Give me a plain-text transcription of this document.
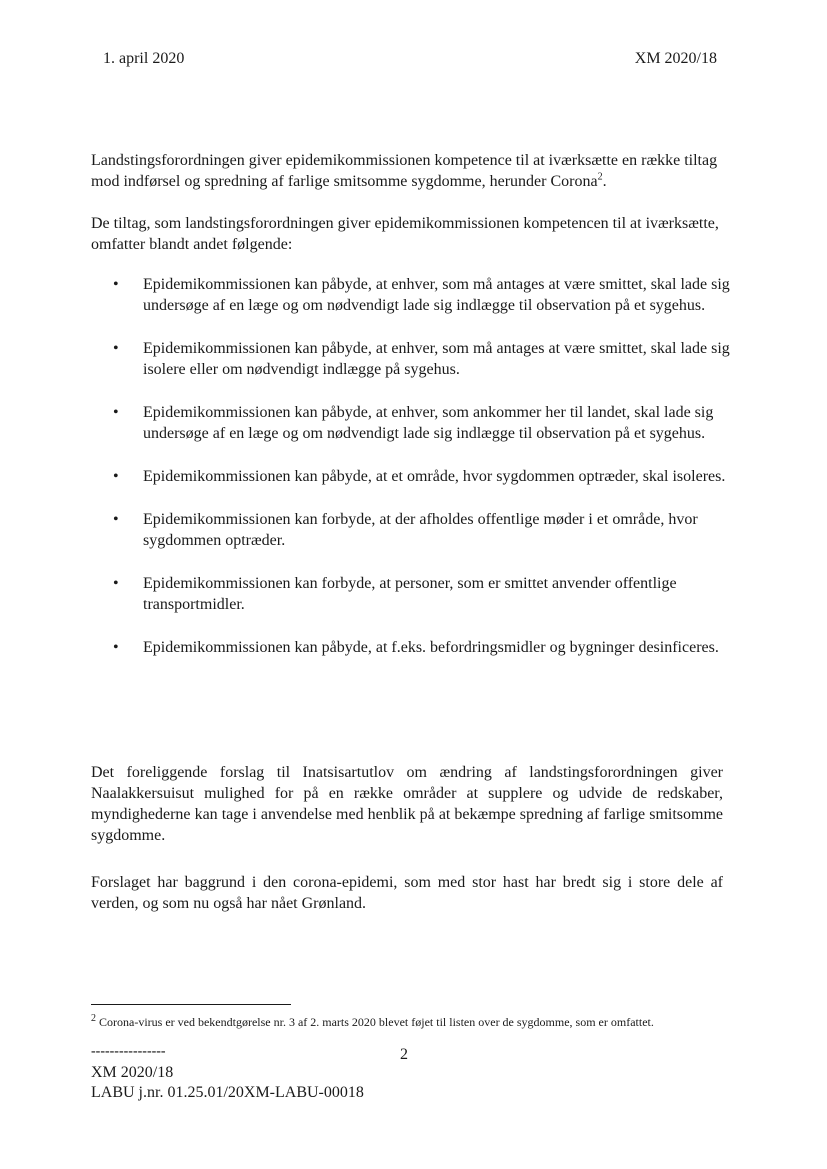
1. april 2020	XM 2020/18

Landstingsforordningen giver epidemikommissionen kompetence til at iværksætte en række tiltag mod indførsel og spredning af farlige smitsomme sygdomme, herunder Corona$^2$.

De tiltag, som landstingsforordningen giver epidemikommissionen kompetencen til at iværksætte, omfatter blandt andet følgende:

• Epidemikommissionen kan påbyde, at enhver, som må antages at være smittet, skal lade sig undersøge af en læge og om nødvendigt lade sig indlægge til observation på et sygehus.
• Epidemikommissionen kan påbyde, at enhver, som må antages at være smittet, skal lade sig isolere eller om nødvendigt indlægge på sygehus.
• Epidemikommissionen kan påbyde, at enhver, som ankommer her til landet, skal lade sig undersøge af en læge og om nødvendigt lade sig indlægge til observation på et sygehus.
• Epidemikommissionen kan påbyde, at et område, hvor sygdommen optræder, skal isoleres.
• Epidemikommissionen kan forbyde, at der afholdes offentlige møder i et område, hvor sygdommen optræder.
• Epidemikommissionen kan forbyde, at personer, som er smittet anvender offentlige transportmidler.
• Epidemikommissionen kan påbyde, at f.eks. befordringsmidler og bygninger desinficeres.

Det foreliggende forslag til Inatsisartutlov om ændring af landstingsforordningen giver Naalakkersuisut mulighed for på en række områder at supplere og udvide de redskaber, myndighederne kan tage i anvendelse med henblik på at bekæmpe spredning af farlige smitsomme sygdomme.

Forslaget har baggrund i den corona-epidemi, som med stor hast har bredt sig i store dele af verden, og som nu også har nået Grønland.

$^2$ Corona-virus er ved bekendtgørelse nr. 3 af 2. marts 2020 blevet føjet til listen over de sygdomme, som er omfattet.
----------------	2
XM 2020/18
LABU j.nr. 01.25.01/20XM-LABU-00018
